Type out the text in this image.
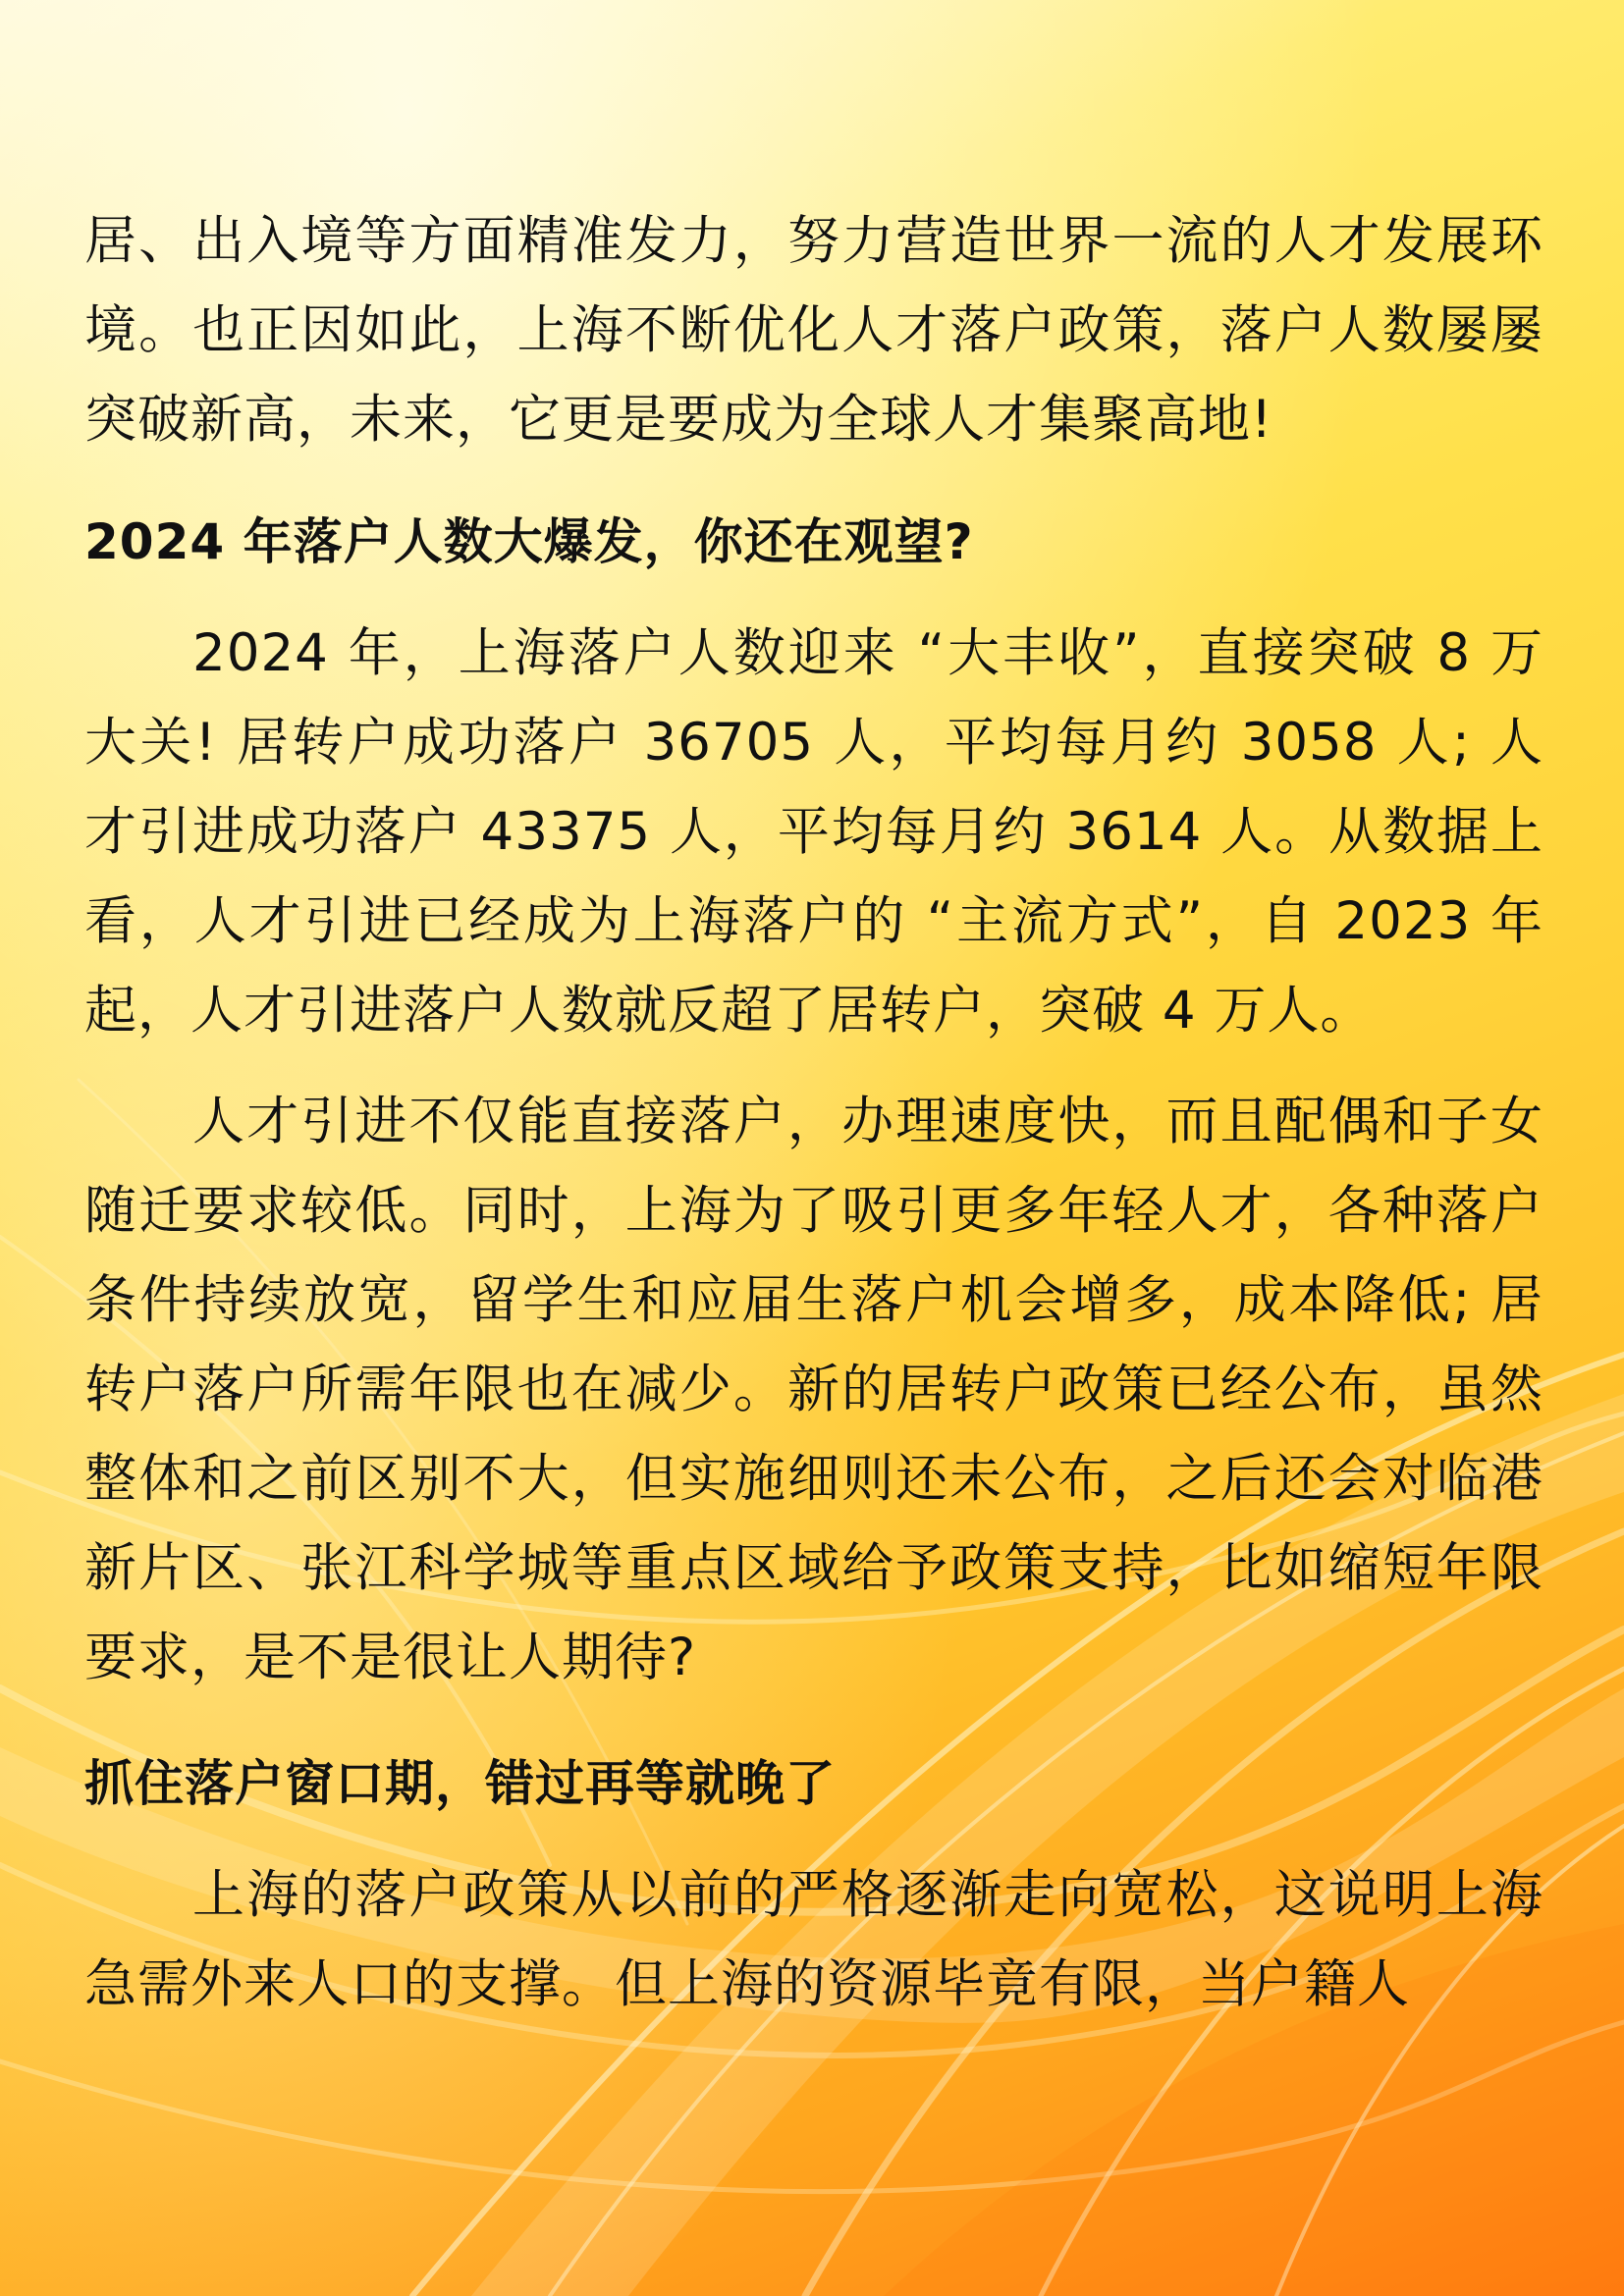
居、出入境等方面精准发力，努力营造世界一流的人才发展环境。也正因如此，上海不断优化人才落户政策，落户人数屡屡突破新高，未来，它更是要成为全球人才集聚高地!

2024 年落户人数大爆发，你还在观望?

2024 年，上海落户人数迎来 “大丰收”，直接突破 8 万大关! 居转户成功落户 36705 人，平均每月约 3058 人; 人才引进成功落户 43375 人，平均每月约 3614 人。从数据上看，人才引进已经成为上海落户的 “主流方式”，自 2023 年起，人才引进落户人数就反超了居转户，突破 4 万人。

人才引进不仅能直接落户，办理速度快，而且配偶和子女随迁要求较低。同时，上海为了吸引更多年轻人才，各种落户条件持续放宽，留学生和应届生落户机会增多，成本降低; 居转户落户所需年限也在减少。新的居转户政策已经公布，虽然整体和之前区别不大，但实施细则还未公布，之后还会对临港新片区、张江科学城等重点区域给予政策支持，比如缩短年限要求，是不是很让人期待?

抓住落户窗口期，错过再等就晚了

上海的落户政策从以前的严格逐渐走向宽松，这说明上海急需外来人口的支撑。但上海的资源毕竟有限，当户籍人
